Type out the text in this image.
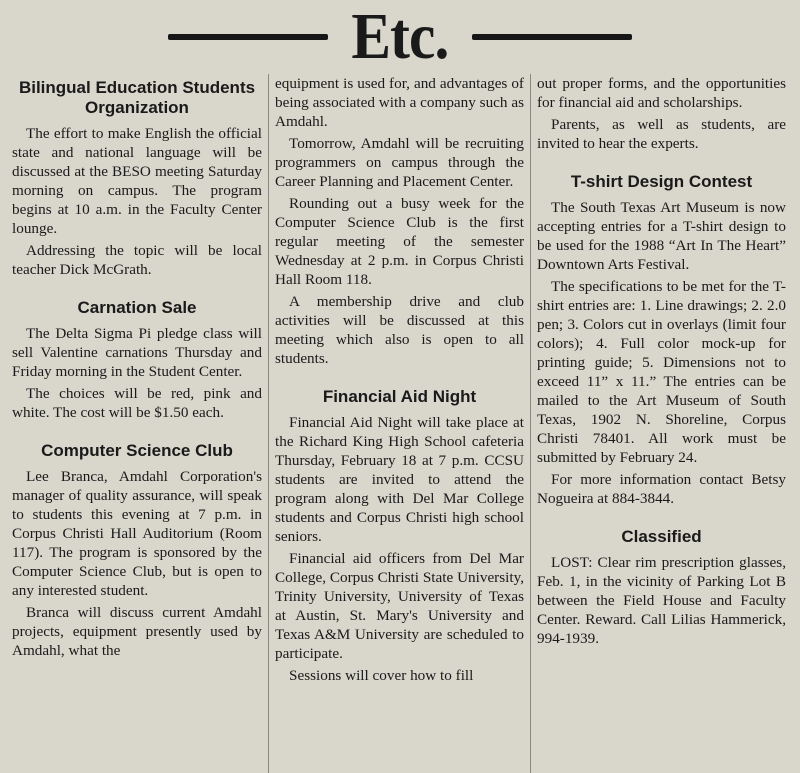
Etc.
Bilingual Education Students Organization

The effort to make English the official state and national language will be discussed at the BESO meeting Saturday morning on campus. The program begins at 10 a.m. in the Faculty Center lounge.

Addressing the topic will be local teacher Dick McGrath.

Carnation Sale

The Delta Sigma Pi pledge class will sell Valentine carnations Thursday and Friday morning in the Student Center.

The choices will be red, pink and white. The cost will be $1.50 each.

Computer Science Club

Lee Branca, Amdahl Corporation's manager of quality assurance, will speak to students this evening at 7 p.m. in Corpus Christi Hall Auditorium (Room 117). The program is sponsored by the Computer Science Club, but is open to any interested student.

Branca will discuss current Amdahl projects, equipment presently used by Amdahl, what the

equipment is used for, and advantages of being associated with a company such as Amdahl.

Tomorrow, Amdahl will be recruiting programmers on campus through the Career Planning and Placement Center.

Rounding out a busy week for the Computer Science Club is the first regular meeting of the semester Wednesday at 2 p.m. in Corpus Christi Hall Room 118.

A membership drive and club activities will be discussed at this meeting which also is open to all students.

Financial Aid Night

Financial Aid Night will take place at the Richard King High School cafeteria Thursday, February 18 at 7 p.m. CCSU students are invited to attend the program along with Del Mar College students and Corpus Christi high school seniors.

Financial aid officers from Del Mar College, Corpus Christi State University, Trinity University, University of Texas at Austin, St. Mary's University and Texas A&M University are scheduled to participate.

Sessions will cover how to fill

out proper forms, and the opportunities for financial aid and scholarships.

Parents, as well as students, are invited to hear the experts.

T-shirt Design Contest

The South Texas Art Museum is now accepting entries for a T-shirt design to be used for the 1988 “Art In The Heart” Downtown Arts Festival.

The specifications to be met for the T-shirt entries are: 1. Line drawings; 2. 2.0 pen; 3. Colors cut in overlays (limit four colors); 4. Full color mock-up for printing guide; 5. Dimensions not to exceed 11” x 11.” The entries can be mailed to the Art Museum of South Texas, 1902 N. Shoreline, Corpus Christi 78401. All work must be submitted by February 24.

For more information contact Betsy Nogueira at 884-3844.

Classified

LOST: Clear rim prescription glasses, Feb. 1, in the vicinity of Parking Lot B between the Field House and Faculty Center. Reward. Call Lilias Hammerick, 994-1939.
